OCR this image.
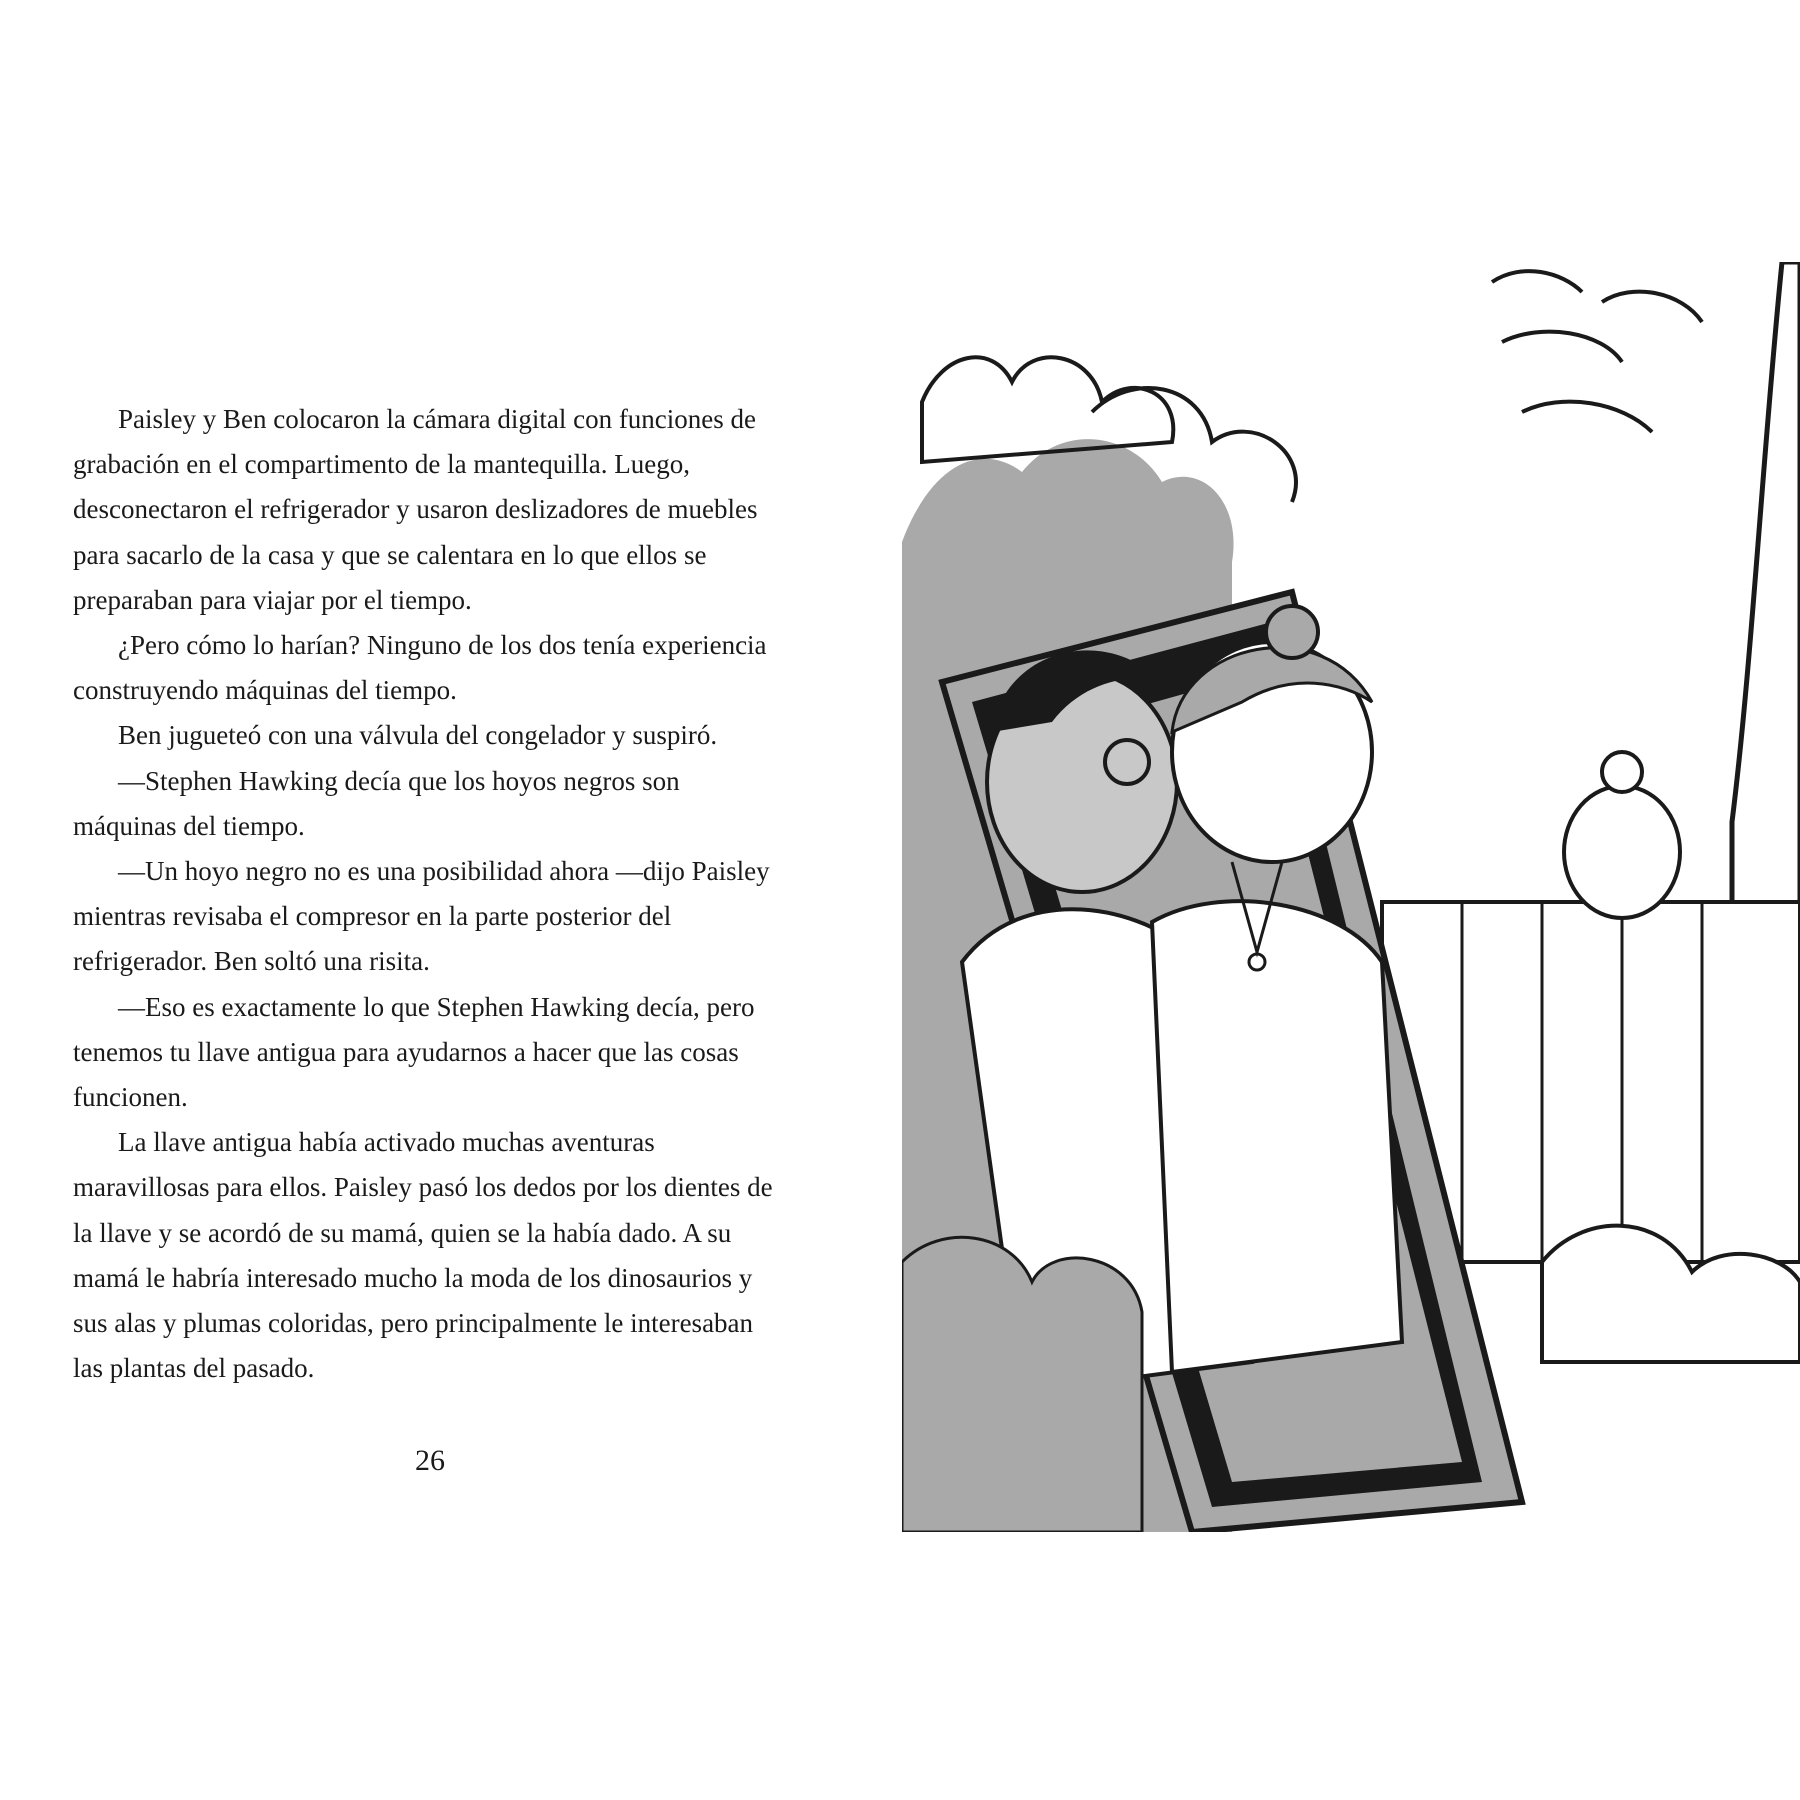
Paisley y Ben colocaron la cámara digital con funciones de grabación en el compartimento de la mantequilla. Luego, desconectaron el refrigerador y usaron deslizadores de muebles para sacarlo de la casa y que se calentara en lo que ellos se preparaban para viajar por el tiempo.

¿Pero cómo lo harían? Ninguno de los dos tenía experiencia construyendo máquinas del tiempo.

Ben jugueteó con una válvula del congelador y suspiró.

—Stephen Hawking decía que los hoyos negros son máquinas del tiempo.

—Un hoyo negro no es una posibilidad ahora —dijo Paisley mientras revisaba el compresor en la parte posterior del refrigerador. Ben soltó una risita.

—Eso es exactamente lo que Stephen Hawking decía, pero tenemos tu llave antigua para ayudarnos a hacer que las cosas funcionen.

La llave antigua había activado muchas aventuras maravillosas para ellos. Paisley pasó los dedos por los dientes de la llave y se acordó de su mamá, quien se la había dado. A su mamá le habría interesado mucho la moda de los dinosaurios y sus alas y plumas coloridas, pero principalmente le interesaban las plantas del pasado.

26
